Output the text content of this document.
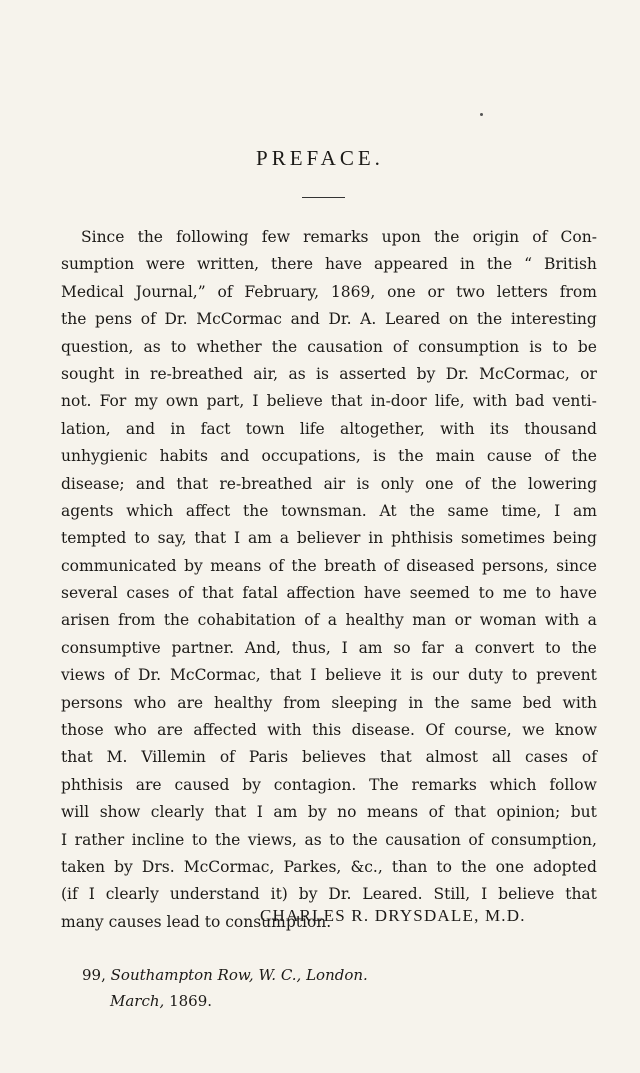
PREFACE.
Since the following few remarks upon the origin of Con-
sumption were written, there have appeared in the “ British
Medical Journal,” of February, 1869, one or two letters from
the pens of Dr. McCormac and Dr. A. Leared on the interesting
question, as to whether the causation of consumption is to be
sought in re-breathed air, as is asserted by Dr. McCormac, or
not. For my own part, I believe that in-door life, with bad venti-
lation, and in fact town life altogether, with its thousand
unhygienic habits and occupations, is the main cause of the
disease; and that re-breathed air is only one of the lowering
agents which affect the townsman. At the same time, I am
tempted to say, that I am a believer in phthisis sometimes being
communicated by means of the breath of diseased persons, since
several cases of that fatal affection have seemed to me to have
arisen from the cohabitation of a healthy man or woman with a
consumptive partner. And, thus, I am so far a convert to the
views of Dr. McCormac, that I believe it is our duty to prevent
persons who are healthy from sleeping in the same bed with
those who are affected with this disease. Of course, we know
that M. Villemin of Paris believes that almost all cases of
phthisis are caused by contagion. The remarks which follow
will show clearly that I am by no means of that opinion; but
I rather incline to the views, as to the causation of consumption,
taken by Drs. McCormac, Parkes, &c., than to the one adopted
(if I clearly understand it) by Dr. Leared. Still, I believe that
many causes lead to consumption.
CHARLES R. DRYSDALE, M.D.
99, Southampton Row, W. C., London.
March, 1869.
